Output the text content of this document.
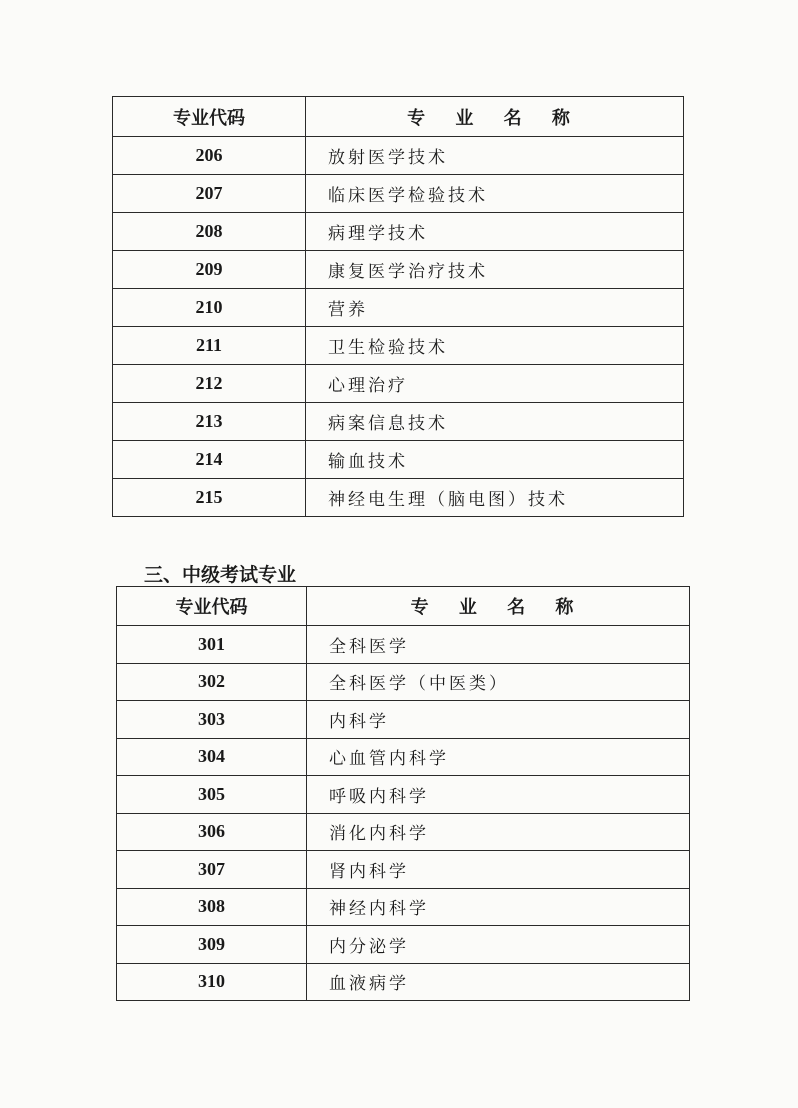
专业代码	专 业 名 称
206	放射医学技术
207	临床医学检验技术
208	病理学技术
209	康复医学治疗技术
210	营养
211	卫生检验技术
212	心理治疗
213	病案信息技术
214	输血技术
215	神经电生理（脑电图）技术
三、中级考试专业
专业代码	专 业 名 称
301	全科医学
302	全科医学（中医类）
303	内科学
304	心血管内科学
305	呼吸内科学
306	消化内科学
307	肾内科学
308	神经内科学
309	内分泌学
310	血液病学
